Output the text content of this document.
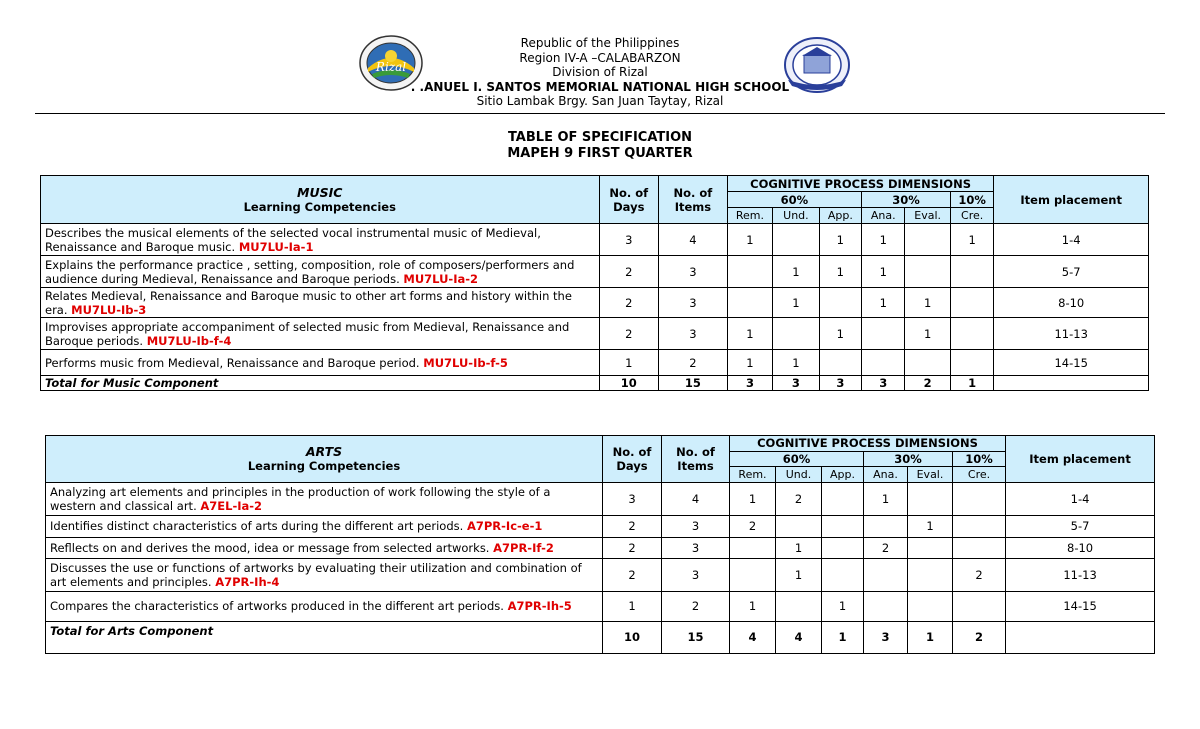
Rizal
Republic of the Philippines
Region IV-A –CALABARZON
Division of Rizal
. .ANUEL I. SANTOS MEMORIAL NATIONAL HIGH SCHOOL
Sitio Lambak Brgy. San Juan Taytay, Rizal
TABLE OF SPECIFICATION
MAPEH 9 FIRST QUARTER
MUSIC
Learning Competencies	No. of Days	No. of Items	COGNITIVE PROCESS DIMENSIONS						Item placement
			60%			30%		10%	
			Rem.	Und.	App.	Ana.	Eval.	Cre.	
Describes the musical elements of the selected vocal instrumental music of Medieval, Renaissance and Baroque music. MU7LU-Ia-1	3	4	1		1	1		1	1-4
Explains the performance practice , setting, composition, role of composers/performers and audience during Medieval, Renaissance and Baroque periods. MU7LU-Ia-2	2	3		1	1	1			5-7
Relates Medieval, Renaissance and Baroque music to other art forms and history within the era. MU7LU-Ib-3	2	3		1		1	1		8-10
Improvises appropriate accompaniment of selected music from Medieval, Renaissance and Baroque periods. MU7LU-Ib-f-4	2	3	1		1		1		11-13
Performs music from Medieval, Renaissance and Baroque period. MU7LU-Ib-f-5	1	2	1	1					14-15
Total for Music Component	10	15	3	3	3	3	2	1	
ARTS
Learning Competencies	No. of Days	No. of Items	COGNITIVE PROCESS DIMENSIONS						Item placement
			60%			30%		10%	
			Rem.	Und.	App.	Ana.	Eval.	Cre.	
Analyzing art elements and principles in the production of work following the style of a western and classical art. A7EL-Ia-2	3	4	1	2		1			1-4
Identifies distinct characteristics of arts during the different art periods. A7PR-Ic-e-1	2	3	2				1		5-7
Refllects on and derives the mood, idea or message from selected artworks. A7PR-If-2	2	3		1		2			8-10
Discusses the use or functions of artworks by evaluating their utilization and combination of art elements and principles. A7PR-Ih-4	2	3		1				2	11-13
Compares the characteristics of artworks produced in the different art periods. A7PR-Ih-5	1	2	1		1				14-15
Total for Arts Component	10	15	4	4	1	3	1	2	
